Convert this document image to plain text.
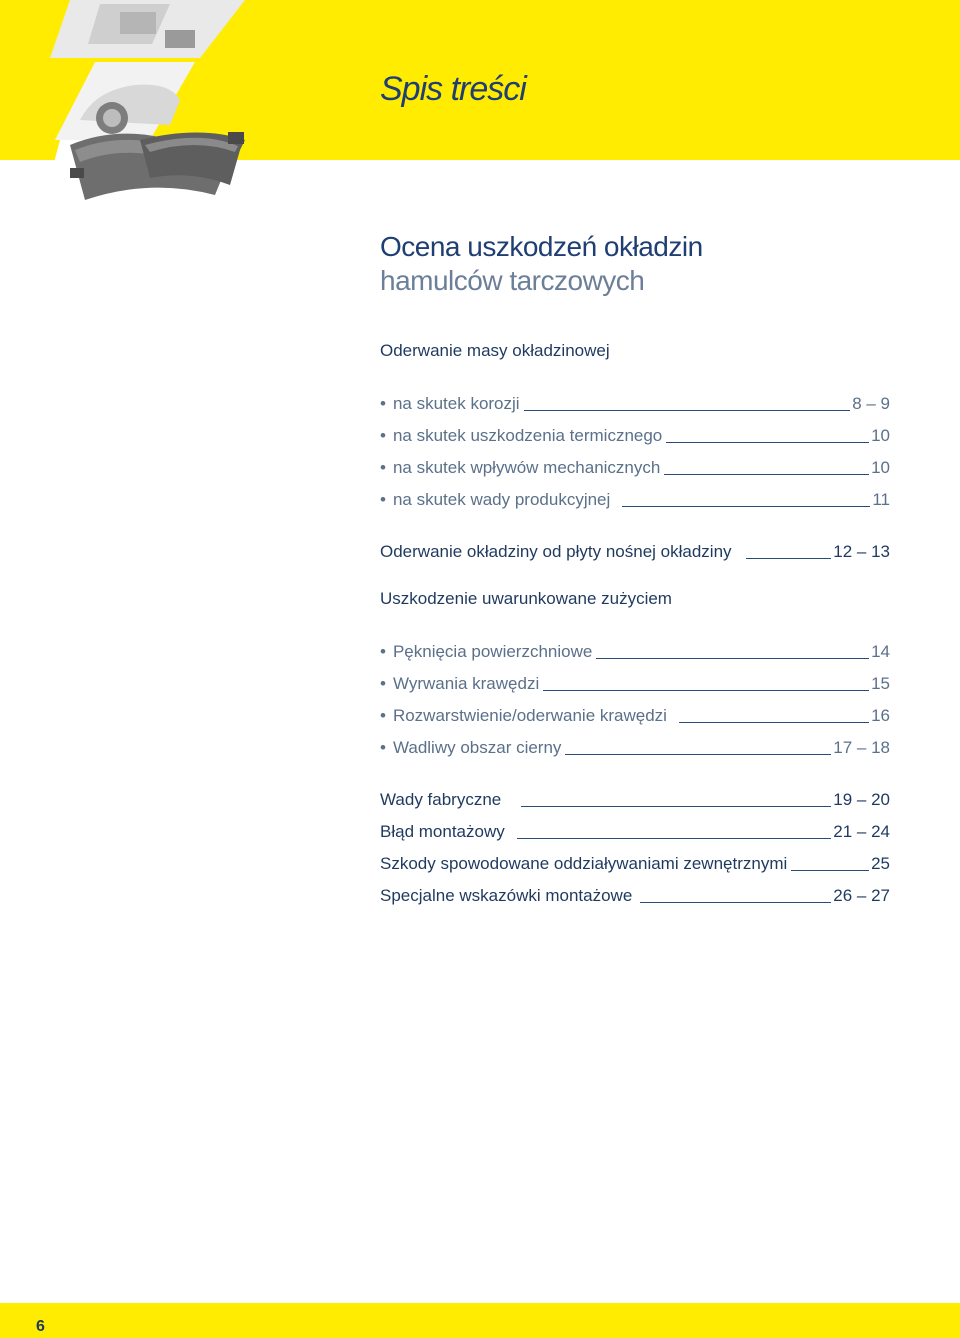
Spis treści
Ocena uszkodzeń okładzin
hamulców tarczowych
Oderwanie masy okładzinowej
• na skutek korozji	8 – 9
• na skutek uszkodzenia termicznego	10
• na skutek wpływów mechanicznych	10
• na skutek wady produkcyjnej	11
Oderwanie okładziny od płyty nośnej okładziny	12 – 13
Uszkodzenie uwarunkowane zużyciem
• Pęknięcia powierzchniowe	14
• Wyrwania krawędzi	15
• Rozwarstwienie/oderwanie krawędzi	16
• Wadliwy obszar cierny	17 – 18
Wady fabryczne	19 – 20
Błąd montażowy	21 – 24
Szkody spowodowane oddziaływaniami zewnętrznymi	25
Specjalne wskazówki montażowe	26 – 27
6
